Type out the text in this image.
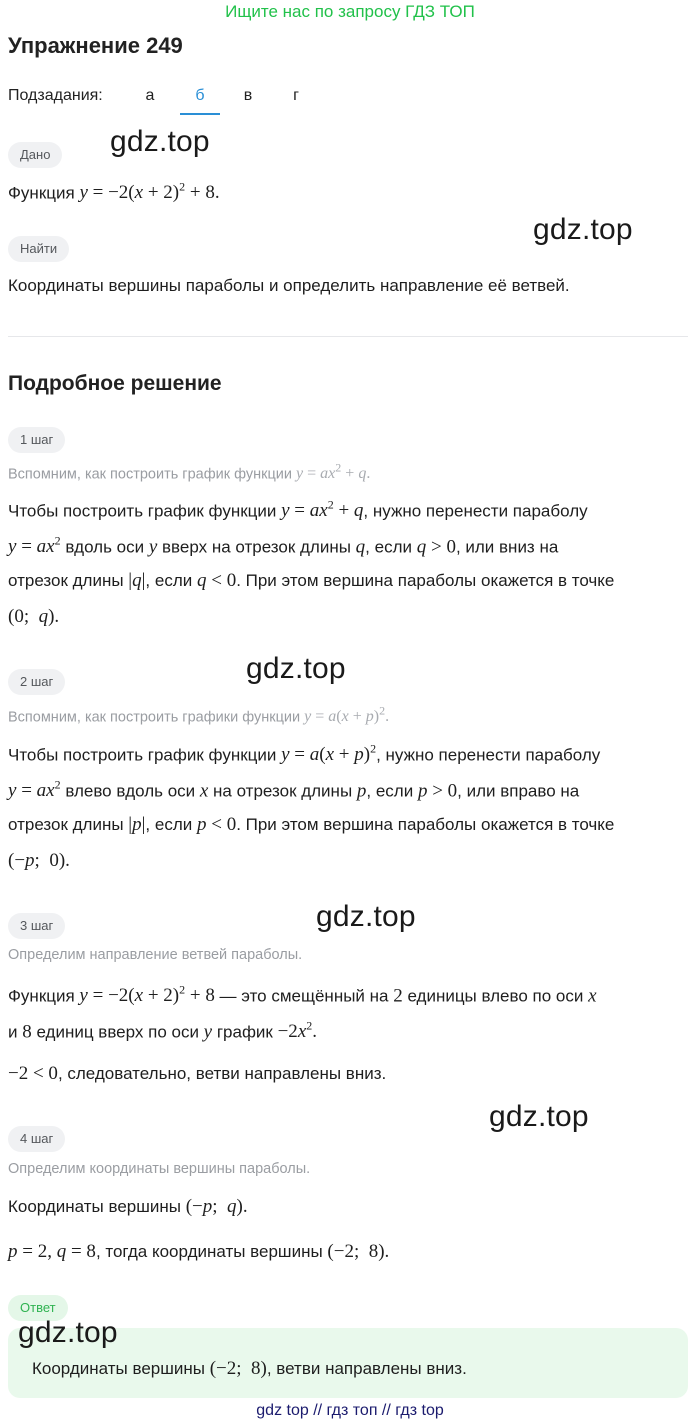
Ищите нас по запросу ГДЗ ТОП
Упражнение 249
Подзадания:	а	б	в	г
Дано	gdz.top
Функция $y = -2(x + 2)^2 + 8$.
Найти
gdz.top
Координаты вершины параболы и определить направление её ветвей.
Подробное решение
1 шаг
Вспомним, как построить график функции $y = ax^2 + q$.
Чтобы построить график функции $y = ax^2 + q$, нужно перенести параболу
$y = ax^2$ вдоль оси y вверх на отрезок длины q, если q > 0, или вниз на
отрезок длины |q|, если q < 0. При этом вершина параболы окажется в точке
(0;  q).
gdz.top
2 шаг
Вспомним, как построить графики функции $y = a(x + p)^2$.
Чтобы построить график функции $y = a(x + p)^2$, нужно перенести параболу
$y = ax^2$ влево вдоль оси x на отрезок длины p, если p > 0, или вправо на
отрезок длины |p|, если p < 0. При этом вершина параболы окажется в точке
(−p; 0).
gdz.top
3 шаг
Определим направление ветвей параболы.
Функция $y = -2(x + 2)^2 + 8$ — это смещённый на 2 единицы влево по оси x
и 8 единиц вверх по оси y график $-2x^2$.
−2 < 0, следовательно, ветви направлены вниз.
gdz.top
4 шаг
Определим координаты вершины параболы.
Координаты вершины (−p;  q).
p = 2, q = 8, тогда координаты вершины (−2;  8).
Ответ
gdz.top
Координаты вершины (−2;  8), ветви направлены вниз.
gdz top // гдз топ // гдз top
